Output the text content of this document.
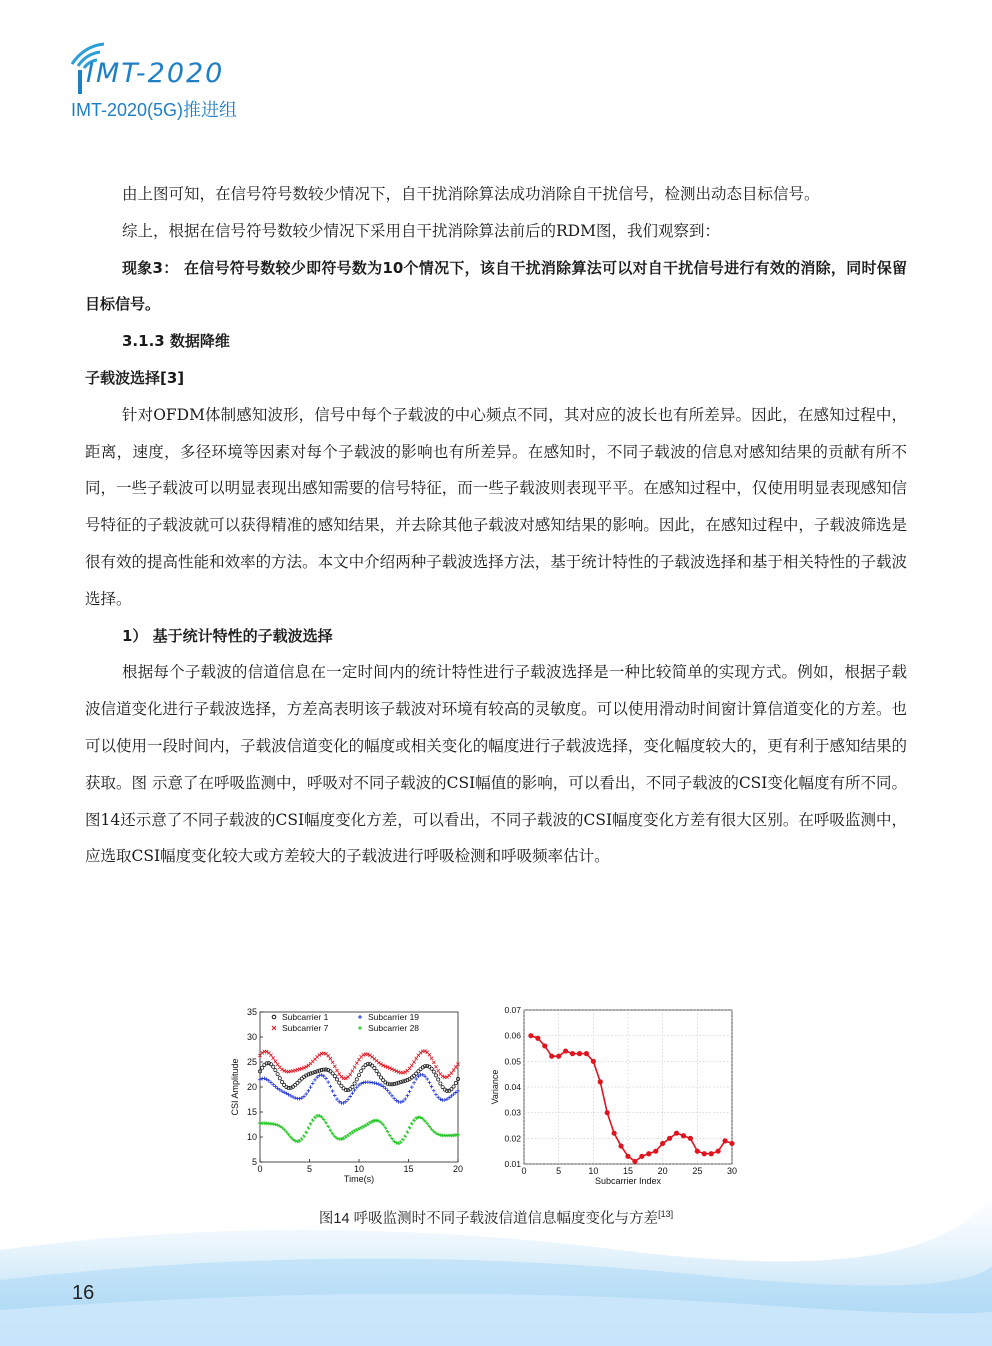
IMT-2020
IMT-2020(5G)推进组

由上图可知，在信号符号数较少情况下，自干扰消除算法成功消除自干扰信号，检测出动态目标信号。

综上，根据在信号符号数较少情况下采用自干扰消除算法前后的RDM图，我们观察到：

现象3： 在信号符号数较少即符号数为10个情况下，该自干扰消除算法可以对自干扰信号进行有效的消除，同时保留目标信号。

3.1.3 数据降维
子载波选择[3]

针对OFDM体制感知波形，信号中每个子载波的中心频点不同，其对应的波长也有所差异。因此，在感知过程中，距离，速度，多径环境等因素对每个子载波的影响也有所差异。在感知时，不同子载波的信息对感知结果的贡献有所不同，一些子载波可以明显表现出感知需要的信号特征，而一些子载波则表现平平。在感知过程中，仅使用明显表现感知信号特征的子载波就可以获得精准的感知结果，并去除其他子载波对感知结果的影响。因此，在感知过程中，子载波筛选是很有效的提高性能和效率的方法。本文中介绍两种子载波选择方法，基于统计特性的子载波选择和基于相关特性的子载波选择。

1） 基于统计特性的子载波选择

根据每个子载波的信道信息在一定时间内的统计特性进行子载波选择是一种比较简单的实现方式。例如，根据子载波信道变化进行子载波选择，方差高表明该子载波对环境有较高的灵敏度。可以使用滑动时间窗计算信道变化的方差。也可以使用一段时间内，子载波信道变化的幅度或相关变化的幅度进行子载波选择，变化幅度较大的，更有利于感知结果的获取。图 示意了在呼吸监测中，呼吸对不同子载波的CSI幅值的影响，可以看出，不同子载波的CSI变化幅度有所不同。图14还示意了不同子载波的CSI幅度变化方差，可以看出，不同子载波的CSI幅度变化方差有很大区别。在呼吸监测中，应选取CSI幅度变化较大或方差较大的子载波进行呼吸检测和呼吸频率估计。

0	5	10	15	20
5
10
15
20
25
30
35
Time(s)
CSI Amplitude
Subcarrier 1
Subcarrier 7
Subcarrier 19
Subcarrier 28
0	5	10	15	20	25	30
0.01
0.02
0.03
0.04
0.05
0.06
0.07
Subcarrier Index
Variance
图14 呼吸监测时不同子载波信道信息幅度变化与方差[13]
16
